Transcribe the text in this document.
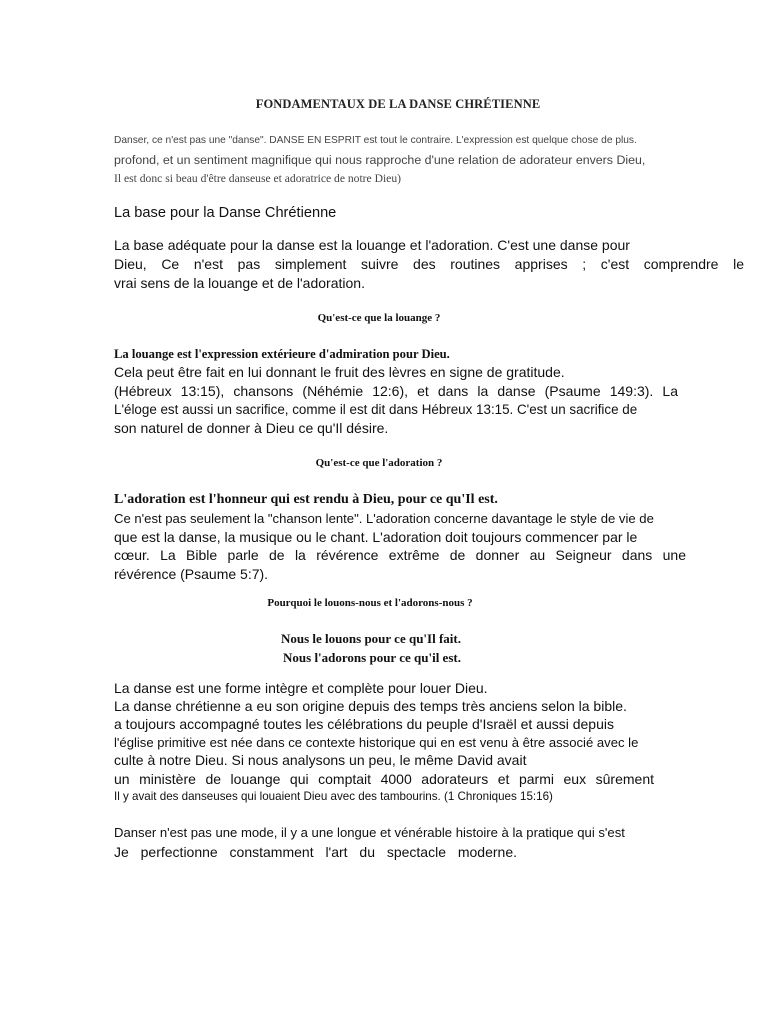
FONDAMENTAUX DE LA DANSE CHRÉTIENNE
Danser, ce n'est pas une "danse". DANSE EN ESPRIT est tout le contraire. L'expression est quelque chose de plus.
profond, et un sentiment magnifique qui nous rapproche d'une relation de adorateur envers Dieu,
Il est donc si beau d'être danseuse et adoratrice de notre Dieu)
La base pour la Danse Chrétienne
La base adéquate pour la danse est la louange et l'adoration. C'est une danse pour
Dieu, Ce n'est pas simplement suivre des routines apprises ; c'est comprendre le
vrai sens de la louange et de l'adoration.
Qu'est-ce que la louange ?
La louange est l'expression extérieure d'admiration pour Dieu.
Cela peut être fait en lui donnant le fruit des lèvres en signe de gratitude.
(Hébreux 13:15), chansons (Néhémie 12:6), et dans la danse (Psaume 149:3). La
L'éloge est aussi un sacrifice, comme il est dit dans Hébreux 13:15. C'est un sacrifice de
son naturel de donner à Dieu ce qu'Il désire.
Qu'est-ce que l'adoration ?
L'adoration est l'honneur qui est rendu à Dieu, pour ce qu'Il est.
Ce n'est pas seulement la "chanson lente". L'adoration concerne davantage le style de vie de
que est la danse, la musique ou le chant. L'adoration doit toujours commencer par le
cœur. La Bible parle de la révérence extrême de donner au Seigneur dans une
révérence (Psaume 5:7).
Pourquoi le louons-nous et l'adorons-nous ?
Nous le louons pour ce qu'Il fait.
Nous l'adorons pour ce qu'il est.
La danse est une forme intègre et complète pour louer Dieu.
La danse chrétienne a eu son origine depuis des temps très anciens selon la bible.
a toujours accompagné toutes les célébrations du peuple d'Israël et aussi depuis
l'église primitive est née dans ce contexte historique qui en est venu à être associé avec le
culte à notre Dieu. Si nous analysons un peu, le même David avait
un ministère de louange qui comptait 4000 adorateurs et parmi eux sûrement
Il y avait des danseuses qui louaient Dieu avec des tambourins. (1 Chroniques 15:16)
Danser n'est pas une mode, il y a une longue et vénérable histoire à la pratique qui s'est
Je perfectionne constamment l'art du spectacle moderne.
